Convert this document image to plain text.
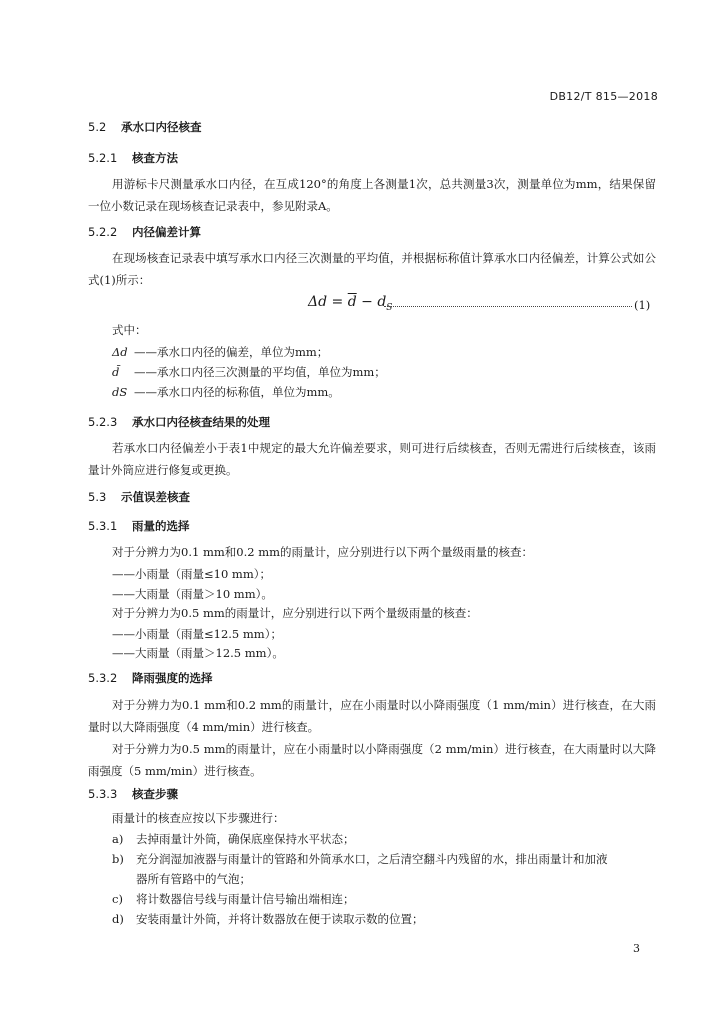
DB12/T 815—2018
5.2 承水口内径核查
5.2.1 核查方法
用游标卡尺测量承水口内径，在互成120°的角度上各测量1次，总共测量3次，测量单位为mm，结果保留一位小数记录在现场核查记录表中，参见附录A。
5.2.2 内径偏差计算
在现场核查记录表中填写承水口内径三次测量的平均值，并根据标称值计算承水口内径偏差，计算公式如公式(1)所示：
$\Delta d = \overline{d} - d_S$	(1)
式中：
Δd ——承水口内径的偏差，单位为mm；
d̄ ——承水口内径三次测量的平均值，单位为mm；
dS ——承水口内径的标称值，单位为mm。
5.2.3 承水口内径核查结果的处理
若承水口内径偏差小于表1中规定的最大允许偏差要求，则可进行后续核查，否则无需进行后续核查，该雨量计外筒应进行修复或更换。
5.3 示值误差核查
5.3.1 雨量的选择
对于分辨力为0.1 mm和0.2 mm的雨量计，应分别进行以下两个量级雨量的核查：
——小雨量（雨量≤10 mm）；
——大雨量（雨量＞10 mm）。
对于分辨力为0.5 mm的雨量计，应分别进行以下两个量级雨量的核查：
——小雨量（雨量≤12.5 mm）；
——大雨量（雨量＞12.5 mm）。
5.3.2 降雨强度的选择
对于分辨力为0.1 mm和0.2 mm的雨量计，应在小雨量时以小降雨强度（1 mm/min）进行核查，在大雨量时以大降雨强度（4 mm/min）进行核查。
对于分辨力为0.5 mm的雨量计，应在小雨量时以小降雨强度（2 mm/min）进行核查，在大雨量时以大降雨强度（5 mm/min）进行核查。
5.3.3 核查步骤
雨量计的核查应按以下步骤进行：
a) 去掉雨量计外筒，确保底座保持水平状态；
b) 充分润湿加液器与雨量计的管路和外筒承水口，之后清空翻斗内残留的水，排出雨量计和加液
器所有管路中的气泡；
c) 将计数器信号线与雨量计信号输出端相连；
d) 安装雨量计外筒，并将计数器放在便于读取示数的位置；
3
